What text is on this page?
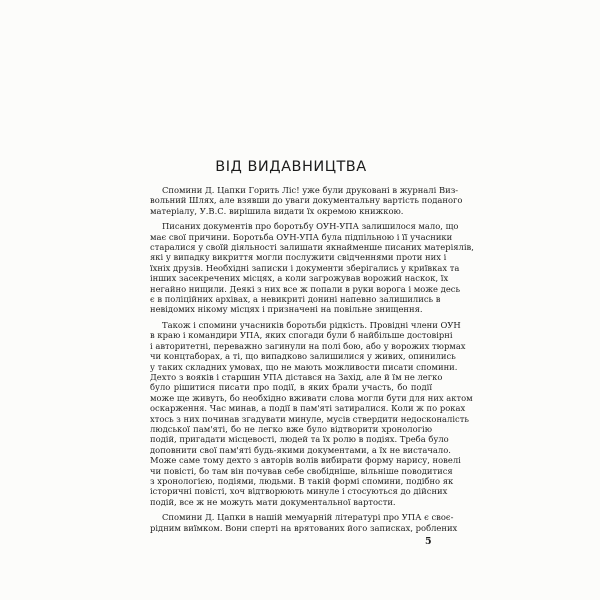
ВІД ВИДАВНИЦТВА
Спомини Д. Цапки Горить Ліс! уже були друковані в журналі Виз-
вольний Шлях, але взявши до уваги документальну вартість поданого
матеріалу, У.В.С. вирішила видати їх окремою книжкою.
Писаних документів про боротьбу ОУН-УПА залишилося мало, що
має свої причини. Боротьба ОУН-УПА була підпільною і її учасники
старалися у своїй діяльності залишати якнайменше писаних матеріялів,
які у випадку викриття могли послужити свідченнями проти них і
їхніх друзів. Необхідні записки і документи зберігались у криївках та
інших засекречених місцях, а коли загрожував ворожий наскок, їх
негайно нищили. Деякі з них все ж попали в руки ворога і може десь
є в поліційних архівах, а невикриті донині напевно залишились в
невідомих нікому місцях і призначені на повільне знищення.
Також і спомини учасників боротьби рідкість. Провідні члени ОУН
в краю і командири УПА, яких спогади були б найбільше достовірні
і авторитетні, переважно загинули на полі бою, або у ворожих тюрмах
чи концтаборах, а ті, що випадково залишилися у живих, опинились
у таких складних умовах, що не мають можливости писати спомини.
Дехто з вояків і старшин УПА дістався на Захід, але й їм не легко
було рішитися писати про події, в яких брали участь, бо події
може ще живуть, бо необхідно вживати слова могли бути для них актом
оскарження. Час минав, а події в пам'яті затиралися. Коли ж по роках
хтось з них починав згадувати минуле, мусів ствердити недосконалість
людської пам'яті, бо не легко вже було відтворити хронологію
подій, пригадати місцевості, людей та їх ролю в подіях. Треба було
доповнити свої пам'яті будь-якими документами, а їх не вистачало.
Може саме тому дехто з авторів волів вибирати форму нарису, новелі
чи повісті, бо там він почував себе свобідніше, вільніше поводитися
з хронологією, подіями, людьми. В такій формі спомини, подібно як
історичні повісті, хоч відтворюють минуле і стосуються до дійсних
подій, все ж не можуть мати документальної вартости.
Спомини Д. Цапки в нашій мемуарній літературі про УПА є своє-
рідним виїмком. Вони сперті на врятованих його записках, роблених
5
